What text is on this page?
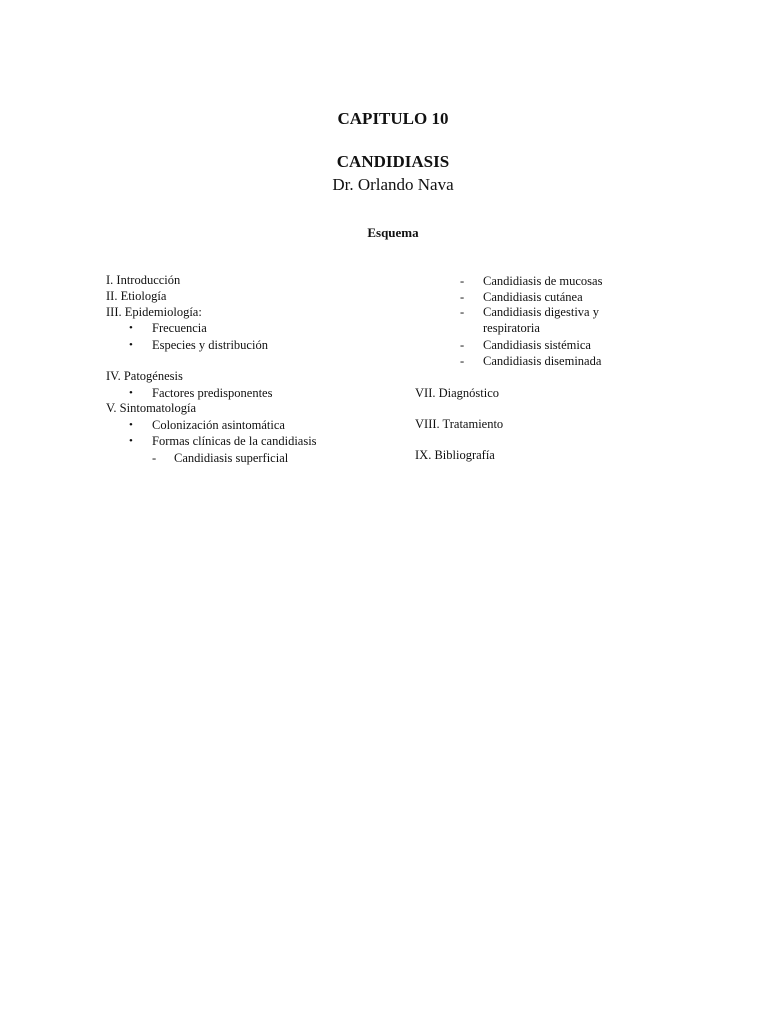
CAPITULO 10
CANDIDIASIS
Dr. Orlando Nava
Esquema
I. Introducción
II. Etiología
III. Epidemiología:
• Frecuencia
• Especies y distribución
IV. Patogénesis
• Factores predisponentes
V. Sintomatología
• Colonización asintomática
• Formas clínicas de la candidiasis
- Candidiasis superficial
- Candidiasis de mucosas
- Candidiasis cutánea
- Candidiasis digestiva y
respiratoria
- Candidiasis sistémica
- Candidiasis diseminada
VII. Diagnóstico
VIII. Tratamiento
IX. Bibliografía
